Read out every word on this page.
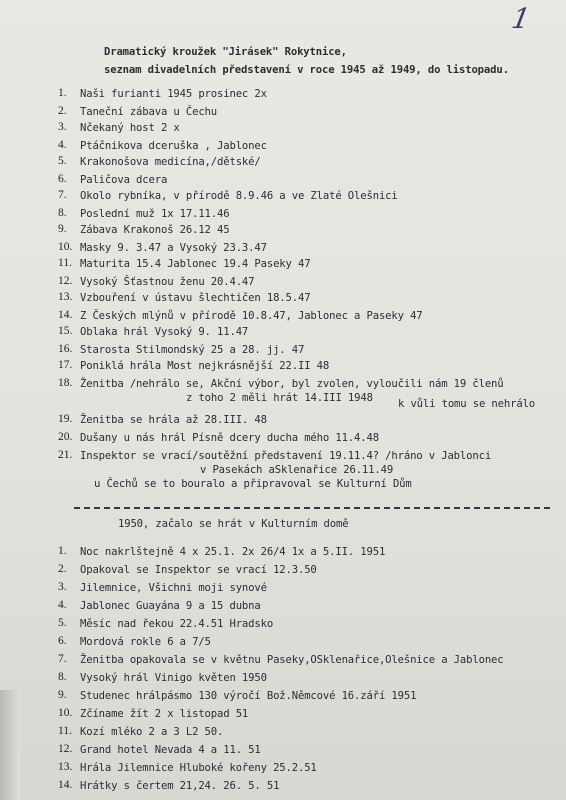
1
Dramatický kroužek "Jirásek" Rokytnice,
seznam divadelních představení v roce 1945 až 1949, do listopadu.
1. Naši furianti 1945 prosinec 2x
2. Taneční zábava u Čechu
3. Nčekaný host 2 x
4. Ptáčnikova dceruška , Jablonec
5. Krakonošova medicína,/dětské/
6. Paličova dcera
7. Okolo rybníka, v přírodě 8.9.46 a ve Zlaté Olešnici
8. Poslední muž 1x 17.11.46
9. Zábava Krakonoš 26.12 45
10. Masky 9. 3.47 a Vysoký 23.3.47
11. Maturita 15.4 Jablonec 19.4 Paseky 47
12. Vysoký Šťastnou ženu 20.4.47
13. Vzbouření v ústavu šlechtičen 18.5.47
14. Z Českých mlýnů v přírodě 10.8.47, Jablonec a Paseky 47
15. Oblaka hrál Vysoký 9. 11.47
16. Starosta Stilmondský 25 a 28. jj. 47
17. Poniklá hrála Most nejkrásnější 22.II 48
18. Ženitba /nehrálo se, Akční výbor, byl zvolen, vyloučili nám 19 členů
z toho 2 měli hrát 14.III 1948 k vůli tomu se nehrálo
19. Ženitba se hrála až 28.III. 48
20. Dušany u nás hrál Písně dcery ducha mého 11.4.48
21. Inspektor se vrací/soutěžní představení 19.11.4? /hráno v Jablonci
v Pasekách aSklenařice 26.11.49
u Čechů se to bouralo a připravoval se Kulturní Dům
1950, začalo se hrát v Kulturním domě
1. Noc nakrlštejně 4 x 25.1. 2x 26/4 1x a 5.II. 1951
2. Opakoval se Inspektor se vrací 12.3.50
3. Jilemnice, Všichni moji synové
4. Jablonec Guayána 9 a 15 dubna
5. Měsíc nad řekou 22.4.51 Hradsko
6. Mordová rokle 6 a 7/5
7. Ženitba opakovala se v květnu Paseky,OSklenařice,Olešnice a Jablonec
8. Vysoký hrál Vinigo květen 1950
9. Studenec hrálpásmo 130 výročí Bož.Němcové 16.září 1951
10. Zčíname žít 2 x listopad 51
11. Kozí mléko 2 a 3 L2 50.
12. Grand hotel Nevada 4 a 11. 51
13. Hrála Jilemnice Hluboké kořeny 25.2.51
14. Hrátky s čertem 21,24. 26. 5. 51
